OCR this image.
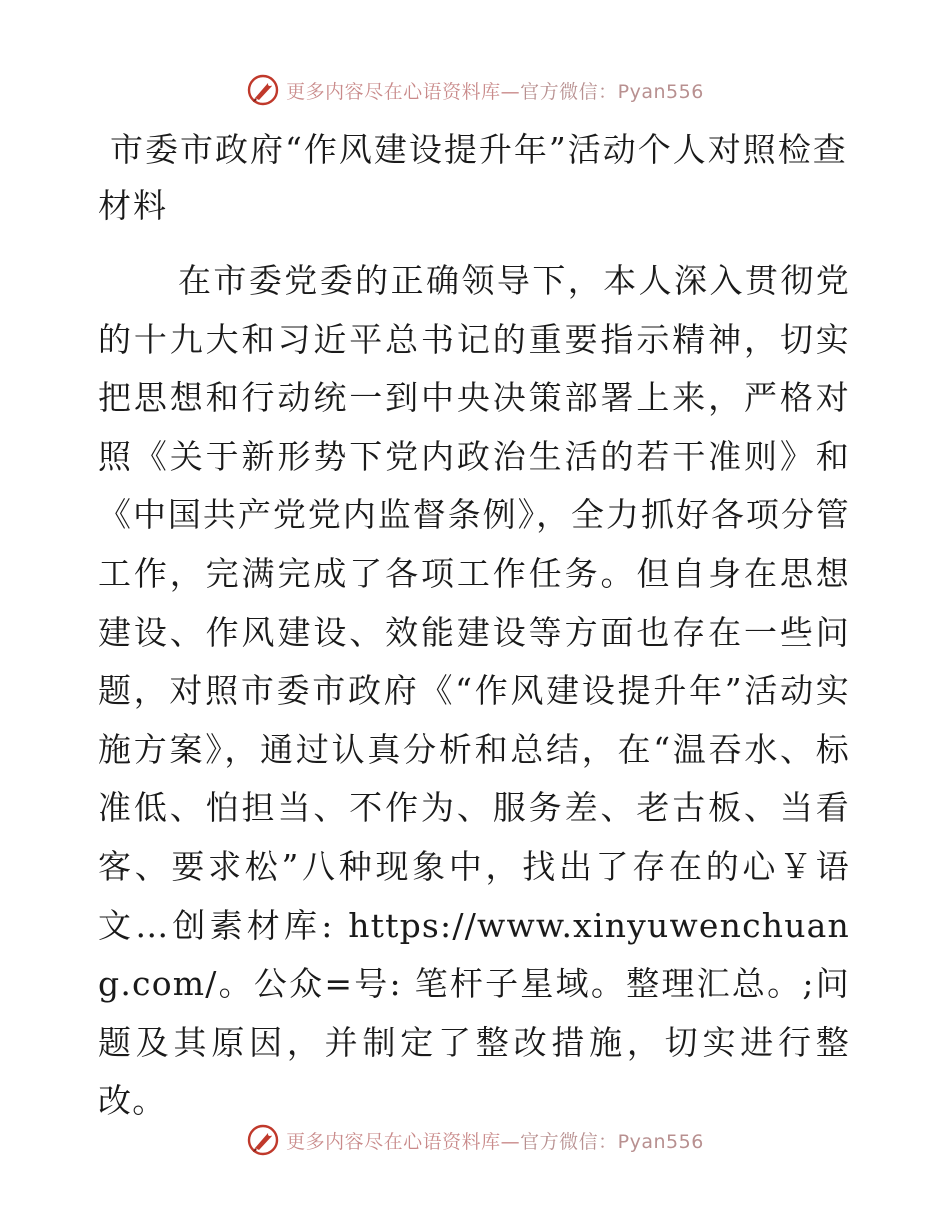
更多内容尽在心语资料库—官方微信：Pyan556
市委市政府“作风建设提升年”活动个人对照检查材料

在市委党委的正确领导下，本人深入贯彻党的十九大和习近平总书记的重要指示精神，切实把思想和行动统一到中央决策部署上来，严格对照《关于新形势下党内政治生活的若干准则》和《中国共产党党内监督条例》，全力抓好各项分管工作，完满完成了各项工作任务。但自身在思想建设、作风建设、效能建设等方面也存在一些问题，对照市委市政府《“作风建设提升年”活动实施方案》，通过认真分析和总结，在“温吞水、标准低、怕担当、不作为、服务差、老古板、当看客、要求松”八种现象中，找出了存在的心￥语文…创素材库: https://www.xinyuwenchuang.com/。公众=号: 笔杆子星域。整理汇总。;问题及其原因，并制定了整改措施，切实进行整改。

更多内容尽在心语资料库—官方微信：Pyan556
